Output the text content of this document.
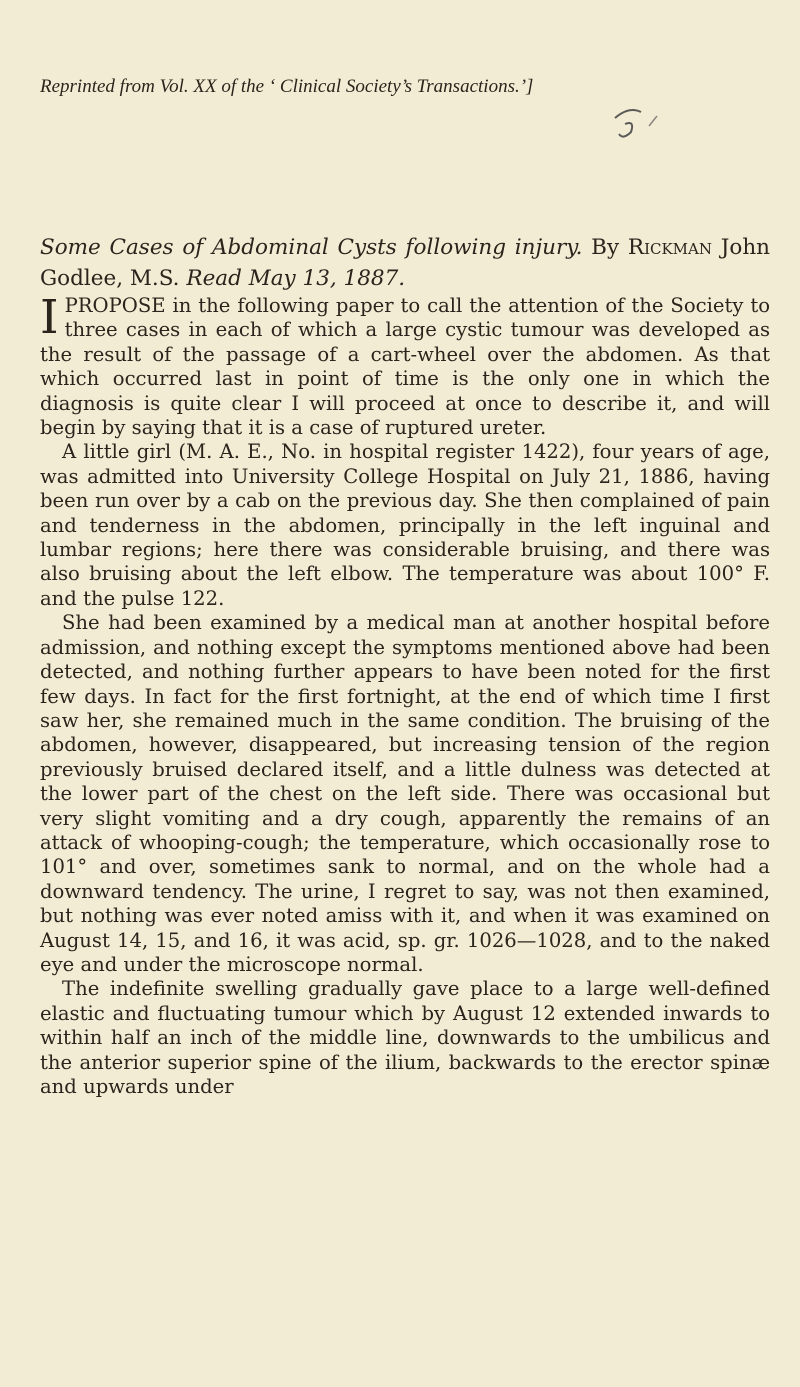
Reprinted from Vol. XX of the ‘ Clinical Society’s Transactions.’]
Some Cases of Abdominal Cysts following injury. By Rickman John Godlee, M.S. Read May 13, 1887.

I PROPOSE in the following paper to call the attention of the Society to three cases in each of which a large cystic tumour was developed as the result of the passage of a cart-wheel over the abdomen. As that which occurred last in point of time is the only one in which the diagnosis is quite clear I will proceed at once to describe it, and will begin by saying that it is a case of ruptured ureter.

A little girl (M. A. E., No. in hospital register 1422), four years of age, was admitted into University College Hospital on July 21, 1886, having been run over by a cab on the previous day. She then complained of pain and tenderness in the abdomen, principally in the left inguinal and lumbar regions; here there was considerable bruising, and there was also bruising about the left elbow. The temperature was about 100° F. and the pulse 122.

She had been examined by a medical man at another hospital before admission, and nothing except the symptoms mentioned above had been detected, and nothing further appears to have been noted for the first few days. In fact for the first fortnight, at the end of which time I first saw her, she remained much in the same condition. The bruising of the abdomen, however, disappeared, but increasing tension of the region previously bruised declared itself, and a little dulness was detected at the lower part of the chest on the left side. There was occasional but very slight vomiting and a dry cough, apparently the remains of an attack of whooping-cough; the temperature, which occasionally rose to 101° and over, sometimes sank to normal, and on the whole had a downward tendency. The urine, I regret to say, was not then examined, but nothing was ever noted amiss with it, and when it was examined on August 14, 15, and 16, it was acid, sp. gr. 1026—1028, and to the naked eye and under the microscope normal.

The indefinite swelling gradually gave place to a large well-defined elastic and fluctuating tumour which by August 12 extended inwards to within half an inch of the middle line, downwards to the umbilicus and the anterior superior spine of the ilium, backwards to the erector spinæ and upwards under
